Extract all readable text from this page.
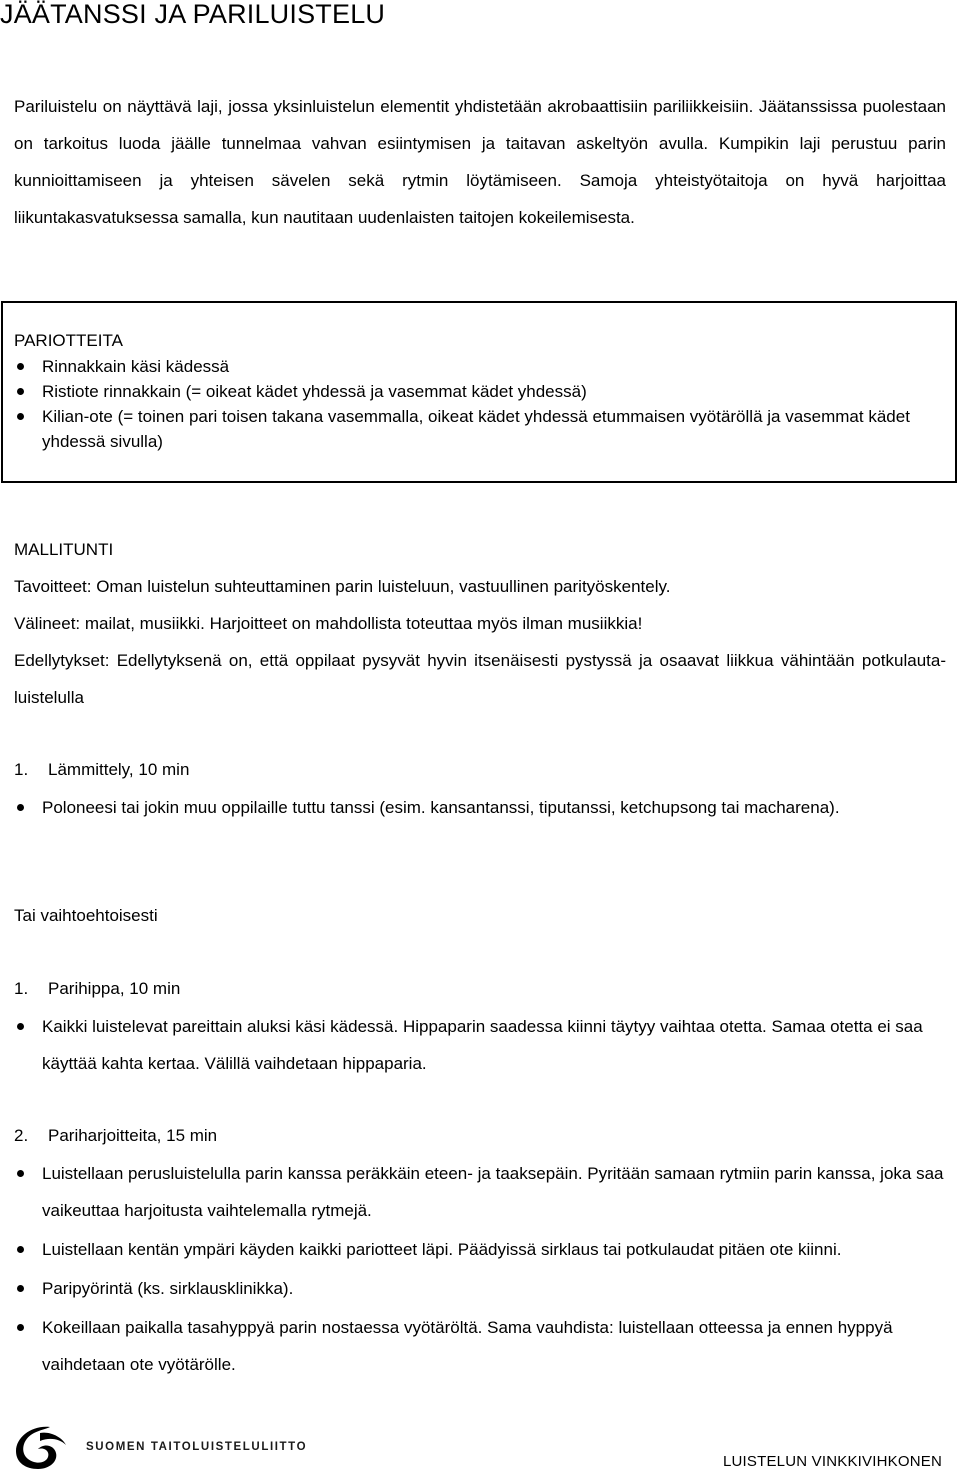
JÄÄTANSSI JA PARILUISTELU

Pariluistelu on näyttävä laji, jossa yksinluistelun elementit yhdistetään akrobaattisiin pariliikkeisiin. Jäätanssissa puolestaan on tarkoitus luoda jäälle tunnelmaa vahvan esiintymisen ja taitavan askeltyön avulla. Kumpikin laji perustuu parin kunnioittamiseen ja yhteisen sävelen sekä rytmin löytämiseen. Samoja yhteistyötaitoja on hyvä harjoittaa liikuntakasvatuksessa samalla, kun nautitaan uudenlaisten taitojen kokeilemisesta.

PARIOTTEITA
Rinnakkain käsi kädessä
Ristiote rinnakkain (= oikeat kädet yhdessä ja vasemmat kädet yhdessä)
Kilian-ote (= toinen pari toisen takana vasemmalla, oikeat kädet yhdessä etummaisen vyötäröllä ja vasemmat kädet yhdessä sivulla)

MALLITUNTI

Tavoitteet: Oman luistelun suhteuttaminen parin luisteluun, vastuullinen parityöskentely.

Välineet: mailat, musiikki. Harjoitteet on mahdollista toteuttaa myös ilman musiikkia!

Edellytykset: Edellytyksenä on, että oppilaat pysyvät hyvin itsenäisesti pystyssä ja osaavat liikkua vähintään potkulauta-luistelulla

1. Lämmittely, 10 min

Poloneesi tai jokin muu oppilaille tuttu tanssi (esim. kansantanssi, tiputanssi, ketchupsong tai macharena).

Tai vaihtoehtoisesti

1. Parihippa, 10 min

Kaikki luistelevat pareittain aluksi käsi kädessä. Hippaparin saadessa kiinni täytyy vaihtaa otetta. Samaa otetta ei saa käyttää kahta kertaa. Välillä vaihdetaan hippaparia.

2. Pariharjoitteita, 15 min

Luistellaan perusluistelulla parin kanssa peräkkäin eteen- ja taaksepäin. Pyritään samaan rytmiin parin kanssa, joka saa vaikeuttaa harjoitusta vaihtelemalla rytmejä.
Luistellaan kentän ympäri käyden kaikki pariotteet läpi. Päädyissä sirklaus tai potkulaudat pitäen ote kiinni.
Paripyörintä (ks. sirklausklinikka).
Kokeillaan paikalla tasahyppyä parin nostaessa vyötäröltä. Sama vauhdista: luistellaan otteessa ja ennen hyppyä vaihdetaan ote vyötärölle.
SUOMEN TAITOLUISTELULIITTO
LUISTELUN VINKKIVIHKONEN
